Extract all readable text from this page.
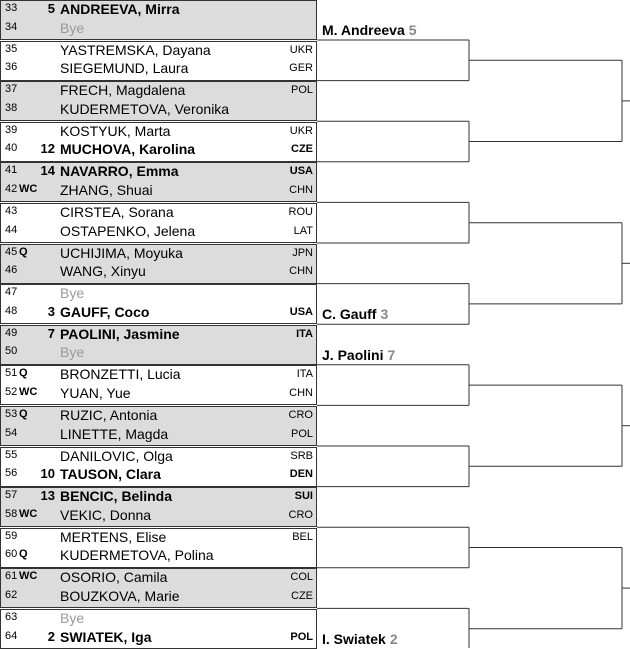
33 5 ANDREEVA, Mirra
34	Bye
35	YASTREMSKA, Dayana	UKR
36	SIEGEMUND, Laura	GER
37	FRECH, Magdalena	POL
38	KUDERMETOVA, Veronika
39	KOSTYUK, Marta	UKR
40 12 MUCHOVA, Karolina	CZE
41 14 NAVARRO, Emma	USA
42 WC ZHANG, Shuai	CHN
43	CIRSTEA, Sorana	ROU
44	OSTAPENKO, Jelena	LAT
45 Q UCHIJIMA, Moyuka	JPN
46	WANG, Xinyu	CHN
47	Bye
48 3 GAUFF, Coco	USA
49 7 PAOLINI, Jasmine	ITA
50	Bye
51 Q BRONZETTI, Lucia	ITA
52 WC YUAN, Yue	CHN
53 Q RUZIC, Antonia	CRO
54	LINETTE, Magda	POL
55	DANILOVIC, Olga	SRB
56 10 TAUSON, Clara	DEN
57 13 BENCIC, Belinda	SUI
58 WC VEKIC, Donna	CRO
59	MERTENS, Elise	BEL
60 Q KUDERMETOVA, Polina
61 WC OSORIO, Camila	COL
62	BOUZKOVA, Marie	CZE
63	Bye
64 2 SWIATEK, Iga	POL
M. Andreeva 5
C. Gauff 3
J. Paolini 7
I. Swiatek 2
